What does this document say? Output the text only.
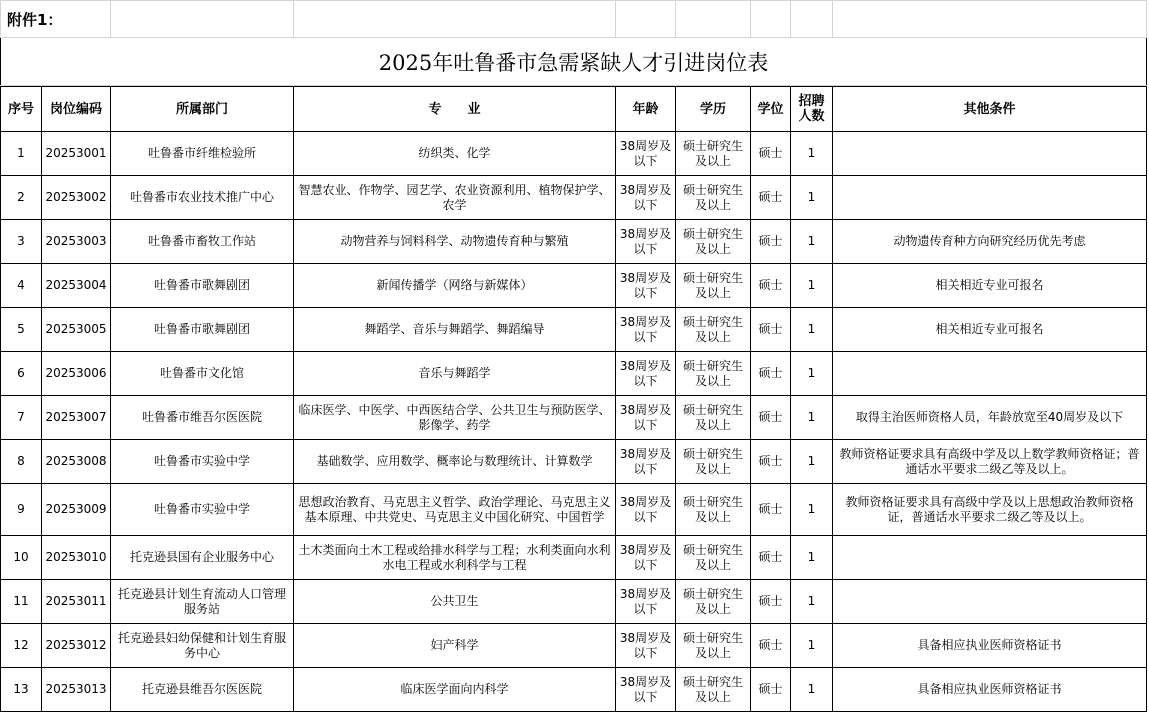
附件1：							
2025年吐鲁番市急需紧缺人才引进岗位表
序号	岗位编码	所属部门	专　　业	年龄	学历	学位	招聘人数	其他条件
1	20253001	吐鲁番市纤维检验所	纺织类、化学	38周岁及以下	硕士研究生及以上	硕士	1	
2	20253002	吐鲁番市农业技术推广中心	智慧农业、作物学、园艺学、农业资源利用、植物保护学、农学	38周岁及以下	硕士研究生及以上	硕士	1	
3	20253003	吐鲁番市畜牧工作站	动物营养与饲料科学、动物遗传育种与繁殖	38周岁及以下	硕士研究生及以上	硕士	1	动物遗传育种方向研究经历优先考虑
4	20253004	吐鲁番市歌舞剧团	新闻传播学（网络与新媒体）	38周岁及以下	硕士研究生及以上	硕士	1	相关相近专业可报名
5	20253005	吐鲁番市歌舞剧团	舞蹈学、音乐与舞蹈学、舞蹈编导	38周岁及以下	硕士研究生及以上	硕士	1	相关相近专业可报名
6	20253006	吐鲁番市文化馆	音乐与舞蹈学	38周岁及以下	硕士研究生及以上	硕士	1	
7	20253007	吐鲁番市维吾尔医医院	临床医学、中医学、中西医结合学、公共卫生与预防医学、影像学、药学	38周岁及以下	硕士研究生及以上	硕士	1	取得主治医师资格人员，年龄放宽至40周岁及以下
8	20253008	吐鲁番市实验中学	基础数学、应用数学、概率论与数理统计、计算数学	38周岁及以下	硕士研究生及以上	硕士	1	教师资格证要求具有高级中学及以上数学教师资格证；普通话水平要求二级乙等及以上。
9	20253009	吐鲁番市实验中学	思想政治教育、马克思主义哲学、政治学理论、马克思主义基本原理、中共党史、马克思主义中国化研究、中国哲学	38周岁及以下	硕士研究生及以上	硕士	1	教师资格证要求具有高级中学及以上思想政治教师资格证，普通话水平要求二级乙等及以上。
10	20253010	托克逊县国有企业服务中心	土木类面向土木工程或给排水科学与工程；水利类面向水利水电工程或水利科学与工程	38周岁及以下	硕士研究生及以上	硕士	1	
11	20253011	托克逊县计划生育流动人口管理服务站	公共卫生	38周岁及以下	硕士研究生及以上	硕士	1	
12	20253012	托克逊县妇幼保健和计划生育服务中心	妇产科学	38周岁及以下	硕士研究生及以上	硕士	1	具备相应执业医师资格证书
13	20253013	托克逊县维吾尔医医院	临床医学面向内科学	38周岁及以下	硕士研究生及以上	硕士	1	具备相应执业医师资格证书
